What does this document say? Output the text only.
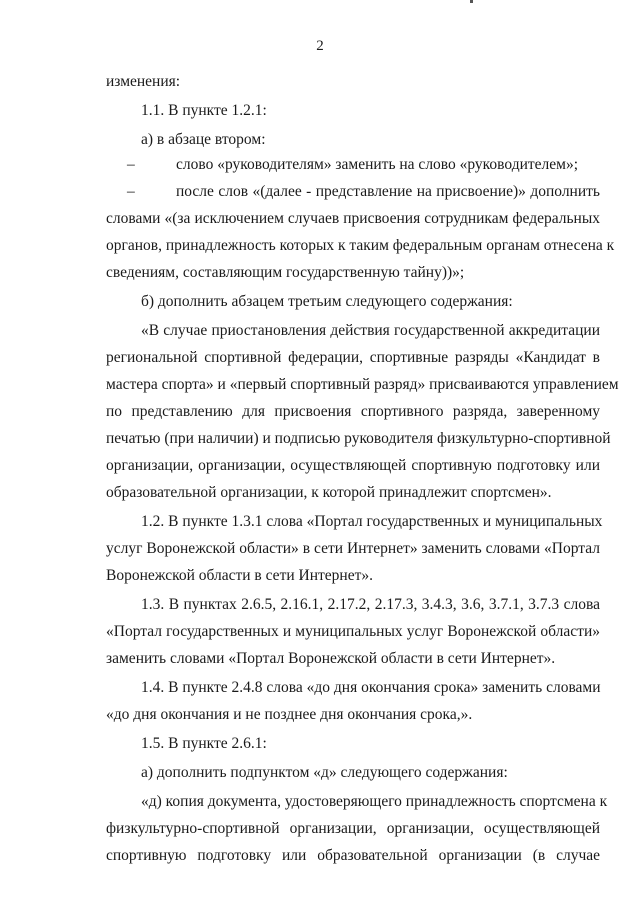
2
изменения:
1.1. В пункте 1.2.1:
а) в абзаце втором:
–	слово «руководителям» заменить на слово «руководителем»;
–	после слов «(далее - представление на присвоение)» дополнить
словами «(за исключением случаев присвоения сотрудникам федеральных
органов, принадлежность которых к таким федеральным органам отнесена к
сведениям, составляющим государственную тайну))»;
б) дополнить абзацем третьим следующего содержания:
«В случае приостановления действия государственной аккредитации
региональной спортивной федерации, спортивные разряды «Кандидат в
мастера спорта» и «первый спортивный разряд» присваиваются управлением
по представлению для присвоения спортивного разряда, заверенному
печатью (при наличии) и подписью руководителя физкультурно-спортивной
организации, организации, осуществляющей спортивную подготовку или
образовательной организации, к которой принадлежит спортсмен».
1.2. В пункте 1.3.1 слова «Портал государственных и муниципальных
услуг Воронежской области» в сети Интернет» заменить словами «Портал
Воронежской области в сети Интернет».
1.3. В пунктах 2.6.5, 2.16.1, 2.17.2, 2.17.3, 3.4.3, 3.6, 3.7.1, 3.7.3 слова
«Портал государственных и муниципальных услуг Воронежской области»
заменить словами «Портал Воронежской области в сети Интернет».
1.4. В пункте 2.4.8 слова «до дня окончания срока» заменить словами
«до дня окончания и не позднее дня окончания срока,».
1.5. В пункте 2.6.1:
а) дополнить подпунктом «д» следующего содержания:
«д) копия документа, удостоверяющего принадлежность спортсмена к
физкультурно-спортивной организации, организации, осуществляющей
спортивную подготовку или образовательной организации (в случае
